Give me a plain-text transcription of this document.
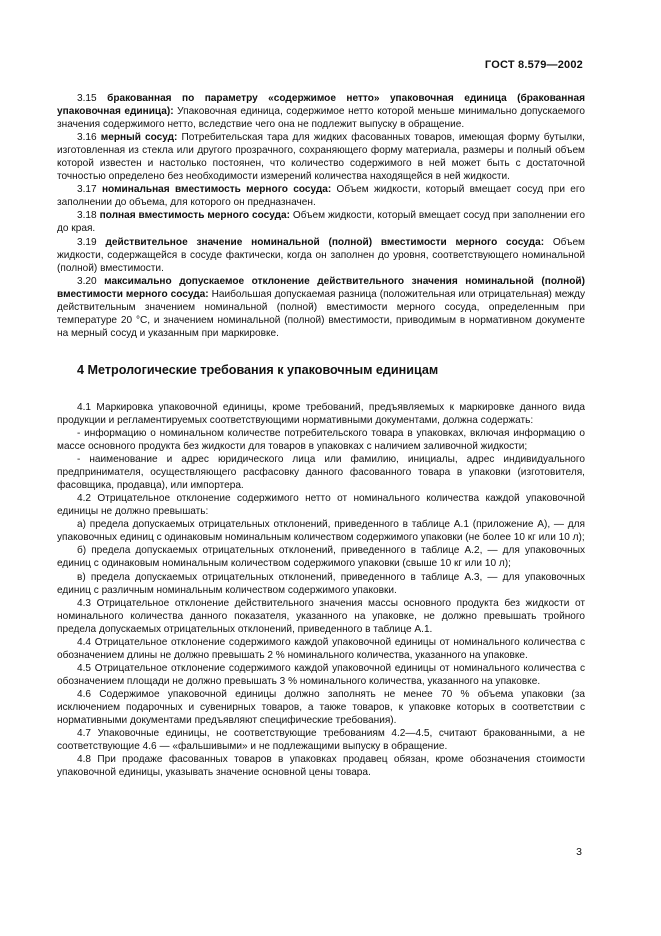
ГОСТ 8.579—2002

3.15 бракованная по параметру «содержимое нетто» упаковочная единица (бракованная упаковочная единица): Упаковочная единица, содержимое нетто которой меньше минимально допускаемого значения содержимого нетто, вследствие чего она не подлежит выпуску в обращение.

3.16 мерный сосуд: Потребительская тара для жидких фасованных товаров, имеющая форму бутылки, изготовленная из стекла или другого прозрачного, сохраняющего форму материала, размеры и полный объем которой известен и настолько постоянен, что количество содержимого в ней может быть с достаточной точностью определено без необходимости измерений количества находящейся в ней жидкости.

3.17 номинальная вместимость мерного сосуда: Объем жидкости, который вмещает сосуд при его заполнении до объема, для которого он предназначен.

3.18 полная вместимость мерного сосуда: Объем жидкости, который вмещает сосуд при заполнении его до края.

3.19 действительное значение номинальной (полной) вместимости мерного сосуда: Объем жидкости, содержащейся в сосуде фактически, когда он заполнен до уровня, соответствующего номинальной (полной) вместимости.

3.20 максимально допускаемое отклонение действительного значения номинальной (полной) вместимости мерного сосуда: Наибольшая допускаемая разница (положительная или отрицательная) между действительным значением номинальной (полной) вместимости мерного сосуда, определенным при температуре 20 °С, и значением номинальной (полной) вместимости, приводимым в нормативном документе на мерный сосуд и указанным при маркировке.

4 Метрологические требования к упаковочным единицам

4.1 Маркировка упаковочной единицы, кроме требований, предъявляемых к маркировке данного вида продукции и регламентируемых соответствующими нормативными документами, должна содержать:

- информацию о номинальном количестве потребительского товара в упаковках, включая информацию о массе основного продукта без жидкости для товаров в упаковках с наличием заливочной жидкости;

- наименование и адрес юридического лица или фамилию, инициалы, адрес индивидуального предпринимателя, осуществляющего расфасовку данного фасованного товара в упаковки (изготовителя, фасовщика, продавца), или импортера.

4.2 Отрицательное отклонение содержимого нетто от номинального количества каждой упаковочной единицы не должно превышать:

а) предела допускаемых отрицательных отклонений, приведенного в таблице А.1 (приложение А), — для упаковочных единиц с одинаковым номинальным количеством содержимого упаковки (не более 10 кг или 10 л);

б) предела допускаемых отрицательных отклонений, приведенного в таблице А.2, — для упаковочных единиц с одинаковым номинальным количеством содержимого упаковки (свыше 10 кг или 10 л);

в) предела допускаемых отрицательных отклонений, приведенного в таблице А.3, — для упаковочных единиц с различным номинальным количеством содержимого упаковки.

4.3 Отрицательное отклонение действительного значения массы основного продукта без жидкости от номинального количества данного показателя, указанного на упаковке, не должно превышать тройного предела допускаемых отрицательных отклонений, приведенного в таблице А.1.

4.4 Отрицательное отклонение содержимого каждой упаковочной единицы от номинального количества с обозначением длины не должно превышать 2 % номинального количества, указанного на упаковке.

4.5 Отрицательное отклонение содержимого каждой упаковочной единицы от номинального количества с обозначением площади не должно превышать 3 % номинального количества, указанного на упаковке.

4.6 Содержимое упаковочной единицы должно заполнять не менее 70 % объема упаковки (за исключением подарочных и сувенирных товаров, а также товаров, к упаковке которых в соответствии с нормативными документами предъявляют специфические требования).

4.7 Упаковочные единицы, не соответствующие требованиям 4.2—4.5, считают бракованными, а не соответствующие 4.6 — «фальшивыми» и не подлежащими выпуску в обращение.

4.8 При продаже фасованных товаров в упаковках продавец обязан, кроме обозначения стоимости упаковочной единицы, указывать значение основной цены товара.

3
